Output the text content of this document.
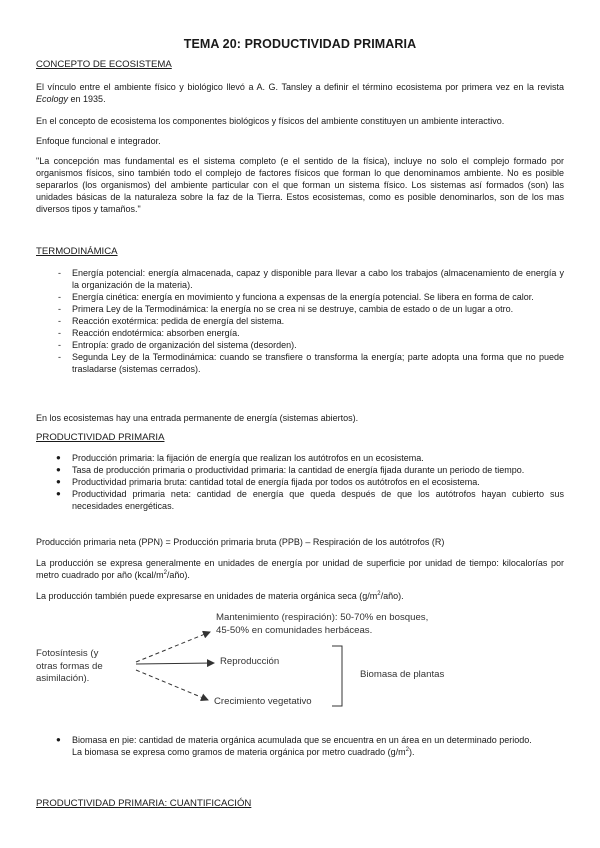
TEMA 20: PRODUCTIVIDAD PRIMARIA
CONCEPTO DE ECOSISTEMA
El vínculo entre el ambiente físico y biológico llevó a A. G. Tansley a definir el término ecosistema por primera vez en la revista Ecology en 1935.
En el concepto de ecosistema los componentes biológicos y físicos del ambiente constituyen un ambiente interactivo.
Enfoque funcional e integrador.
"La concepción mas fundamental es el sistema completo (e el sentido de la física), incluye no solo el complejo formado por organismos físicos, sino también todo el complejo de factores físicos que forman lo que denominamos ambiente. No es posible separarlos (los organismos) del ambiente particular con el que forman un sistema físico. Los sistemas así formados (son) las unidades básicas de la naturaleza sobre la faz de la Tierra. Estos ecosistemas, como es posible denominarlos, son de los mas diversos tipos y tamaños."
TERMODINÁMICA
- Energía potencial: energía almacenada, capaz y disponible para llevar a cabo los trabajos (almacenamiento de energía y la organización de la materia).
- Energía cinética: energía en movimiento y funciona a expensas de la energía potencial. Se libera en forma de calor.
- Primera Ley de la Termodinámica: la energía no se crea ni se destruye, cambia de estado o de un lugar a otro.
- Reacción exotérmica: pedida de energía del sistema.
- Reacción endotérmica: absorben energía.
- Entropía: grado de organización del sistema (desorden).
- Segunda Ley de la Termodinámica: cuando se transfiere o transforma la energía; parte adopta una forma que no puede trasladarse (sistemas cerrados).
En los ecosistemas hay una entrada permanente de energía (sistemas abiertos).
PRODUCTIVIDAD PRIMARIA
● Producción primaria: la fijación de energía que realizan los autótrofos en un ecosistema.
● Tasa de producción primaria o productividad primaria: la cantidad de energía fijada durante un periodo de tiempo.
● Productividad primaria bruta: cantidad total de energía fijada por todos os autótrofos en el ecosistema.
● Productividad primaria neta: cantidad de energía que queda después de que los autótrofos hayan cubierto sus necesidades energéticas.
Producción primaria neta (PPN) = Producción primaria bruta (PPB) – Respiración de los autótrofos (R)
La producción se expresa generalmente en unidades de energía por unidad de superficie por unidad de tiempo: kilocalorías por metro cuadrado por año $(kcal/m^2/año)$.
La producción también puede expresarse en unidades de materia orgánica seca $(g/m^2/año)$.
Fotosíntesis (y
otras formas de
asimilación).
Mantenimiento (respiración): 50-70% en bosques,
45-50% en comunidades herbáceas.
Reproducción
Crecimiento vegetativo
Biomasa de plantas
● Biomasa en pie: cantidad de materia orgánica acumulada que se encuentra en un área en un determinado periodo.
La biomasa se expresa como gramos de materia orgánica por metro cuadrado $(g/m^2)$.
PRODUCTIVIDAD PRIMARIA: CUANTIFICACIÓN
